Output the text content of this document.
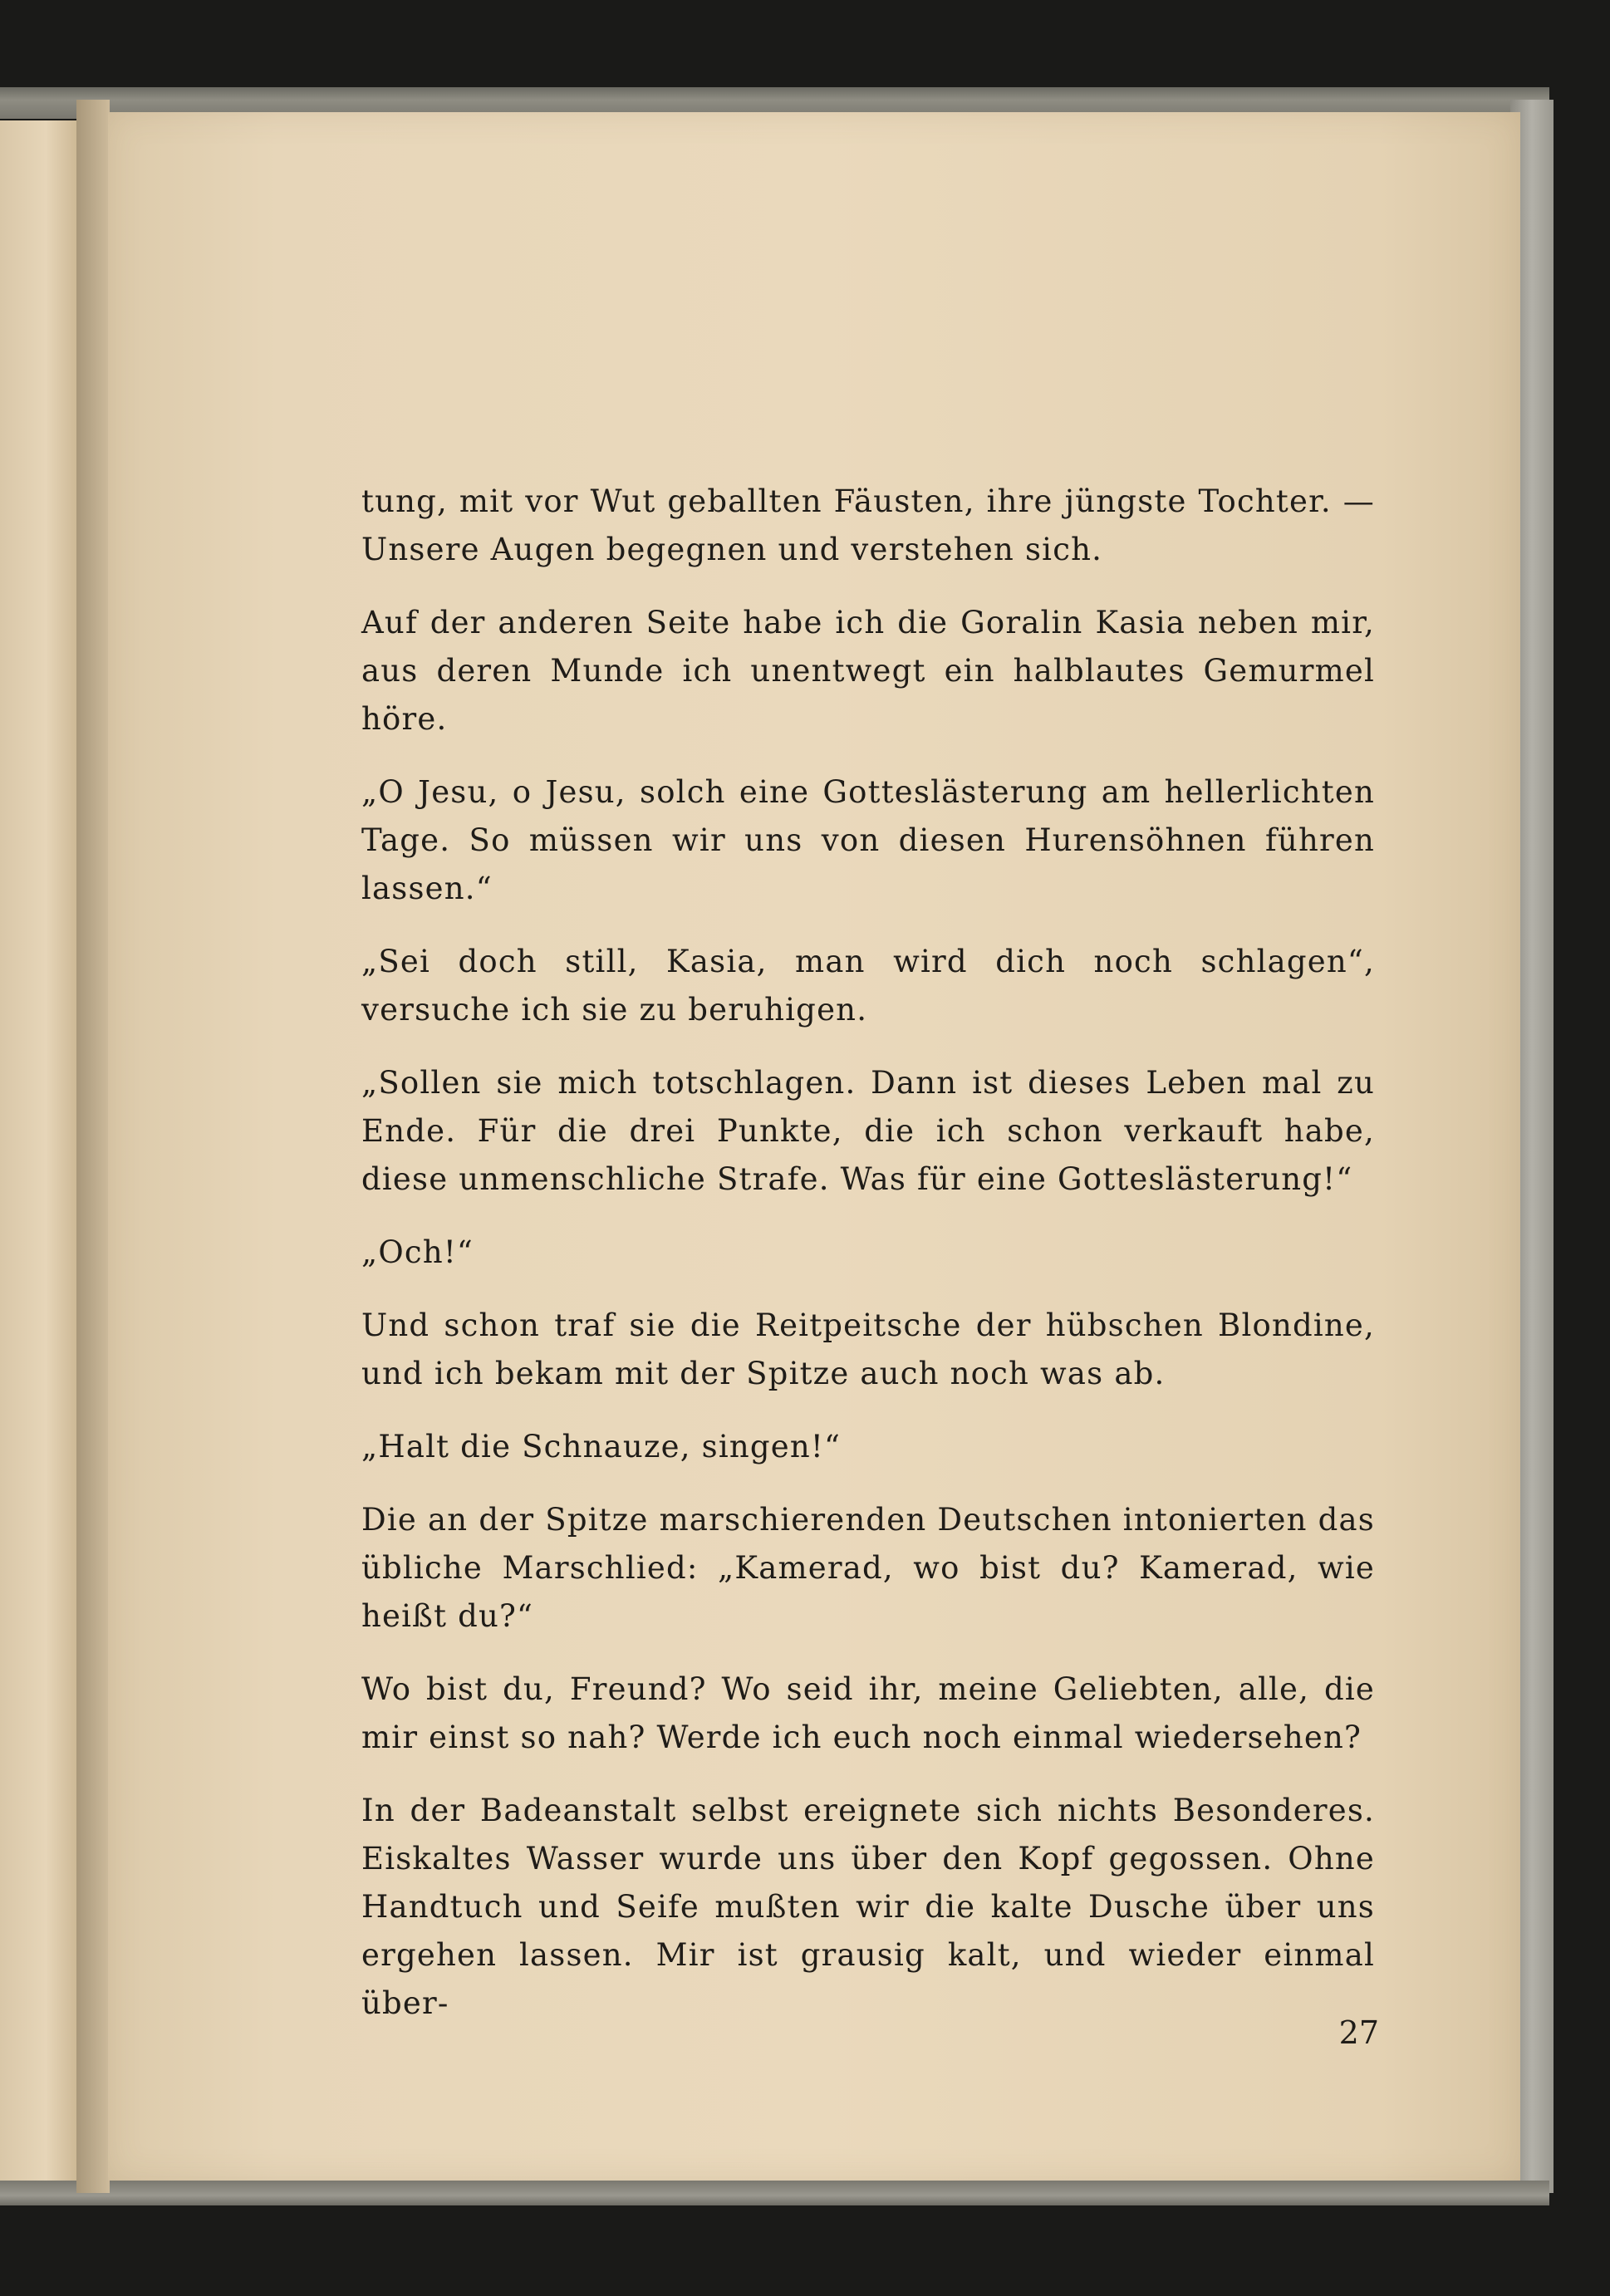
tung, mit vor Wut geballten Fäusten, ihre jüngste Tochter. — Unsere Augen begegnen und verstehen sich.

Auf der anderen Seite habe ich die Goralin Kasia neben mir, aus deren Munde ich unentwegt ein halblautes Gemurmel höre.

„O Jesu, o Jesu, solch eine Gotteslästerung am hellerlichten Tage. So müssen wir uns von diesen Hurensöhnen führen lassen.“

„Sei doch still, Kasia, man wird dich noch schlagen“, versuche ich sie zu beruhigen.

„Sollen sie mich totschlagen. Dann ist dieses Leben mal zu Ende. Für die drei Punkte, die ich schon verkauft habe, diese unmenschliche Strafe. Was für eine Gotteslästerung!“

„Och!“

Und schon traf sie die Reitpeitsche der hübschen Blondine, und ich bekam mit der Spitze auch noch was ab.

„Halt die Schnauze, singen!“

Die an der Spitze marschierenden Deutschen intonierten das übliche Marschlied: „Kamerad, wo bist du? Kamerad, wie heißt du?“

Wo bist du, Freund? Wo seid ihr, meine Geliebten, alle, die mir einst so nah? Werde ich euch noch einmal wiedersehen?

In der Badeanstalt selbst ereignete sich nichts Besonderes. Eiskaltes Wasser wurde uns über den Kopf gegossen. Ohne Handtuch und Seife mußten wir die kalte Dusche über uns ergehen lassen. Mir ist grausig kalt, und wieder einmal über-

27
